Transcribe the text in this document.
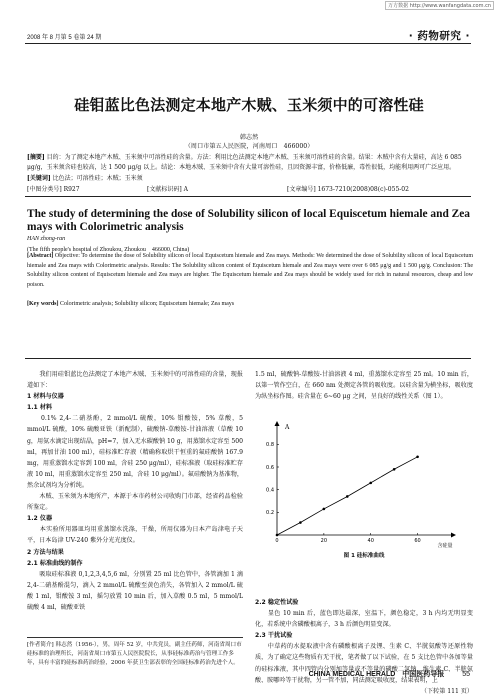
万方数据 http://www.wanfangdata.com.cn
2008 年 8 月第 5 卷第 24 期	· 药物研究 ·
硅钼蓝比色法测定本地产木贼、玉米须中的可溶性硅
韩志然
（周口市第五人民医院，河南周口　466000）

[摘要] 目的：为了测定本地产木贼、玉米须中可溶性硅的含量。方法：利用比色法测定本地产木贼、玉米须可溶性硅的含量。结果：木贼中含有大量硅，高达 6 085 μg/g，玉米须含硅也较高，达 1 500 μg/g 以上。结论：本地木贼、玉米须中含有大量可溶性硅，且因资源丰富，价格低廉，毒性很低，均能利用两可广泛应用。
[关键词] 比色法；可溶性硅；木贼；玉米须

[中图分类号] R927	[文献标识码] A	[文章编号] 1673-7210(2008)08(c)-055-02

The study of determining the dose of Solubility silicon of local Equiscetum hiemale and Zea mays with Colorimetric analysis

HAN zhong-ran
(The fifth people's hospital of Zhoukou, Zhoukou　466000, China)

[Abstract] Objective: To determine the dose of Solubility silicon of local Equiscetum hiemale and Zea mays. Methods: We determined the dose of Solubility silicon of local Equiscetum hiemale and Zea mays with Colorimetric analysis. Results: The Solubility silicon content of Equiscetum hiemale and Zea mays were over 6 085 μg/g and 1 500 μg/g. Conclusion: The Solubility silicon content of Equiscetum hiemale and Zea mays are higher. The Equiscetum hiemale and Zea mays should be widely used for rich in natural resources, cheap and low poison.

[Key words] Colorimetric analysis; Solubility silicon; Equiscetum hiemale; Zea mays

　　我们用硅钼蓝比色法测定了本地产木贼、玉米须中的可溶性硅的含量，现报道如下：

1 材料与仪器

1.1 材料

　　0.1% 2,4-二硝基酚，2 mmol/L 硫酸，10% 钼酸铵，5% 草酸，5 mmol/L 硫酸，10% 硫酸亚铁（新配制），硫酸钠-草酸铵-甘油溶液（草酸 10 g，用氨水滴定出现结晶，pH=7，加入无水碳酸钠 10 g，用蒸馏水定容至 500 ml，再加甘油 100 ml），硅标准贮存液（精确称取烘干恒重的氟硅酸钠 167.9 mg，用重蒸馏水定容到 100 ml，含硅 250 μg/ml），硅标准液（取硅标准贮存液 10 ml，用重蒸馏水定容至 250 ml，含硅 10 μg/ml）。氟硅酸钠为基准物，然余试剂均为分析纯。

　　木贼、玉米须为本地所产，本源于本市药材公司收购门市部，经省药品检验所鉴定。

1.2 仪器

　　本实验所用器皿均用重蒸馏水洗涤，干燥，所用仪器为日本产岛津电子天平，日本岛津 UV-240 紫外分光光度仪。

2 方法与结果

2.1 标准曲线的制作

　　吸取硅标准液 0,1,2,3,4,5,6 ml，分别置 25 ml 比色管中，各管滴加 1 滴 2,4-二硝基酚混匀，滴入 2 mmol/L 硫酸至黄色消失，各管加入 2 mmol/L 硫酸 1 ml，钼酸铵 3 ml，摇匀放置 10 min 后，加入草酸 0.5 ml，5 mmol/L 硫酸 4 ml，硫酸亚铁

[作者简介] 韩志然（1956-），男，周年 52 岁，中共党员，副主任药师，河南省周口市硅标准的治理所长，河南省周口市第五人民医院院长，从事硅标准药治与管理工作多年，具有丰富的硅标准药治经验，2006 年获卫生部表彰的全国硅标准药治先进个人。

1.5 ml，硫酸钠-草酸铵-甘油溶液 4 ml，重蒸馏水定容至 25 ml。10 min 后，以第一管作空白，在 660 nm 处测定各管的吸收度。以硅含量为横坐标，吸收度为纵坐标作图。硅含量在 6~60 μg 之间，呈良好的线性关系（图 1）。

0	20	40	60
0.2
0.4
0.6
0.8
A
含硅量
图 1 硅标准曲线

2.2 稳定性试验

　　显色 10 min 后，蓝色即达最深，室温下，颜色稳定，3 h 内均无明显变化，若系统中含磷酸根离子，3 h 后颜色明显变深。

2.3 干扰试验

　　中草药的水提取液中含有磷酸根离子及锂、生素 C、半胱氨酸等还原性物质，为了确定这些物质有无干扰，笔者做了以下试验，在 5 支比色管中各加等量的硅标准液，其中四管内分别加等量或不等量的磷酸二氢钠、维生素 C、半胱氨酸、胺哪吟等干扰物，另一管不加，同法测定吸收度，结果表明，上

（下转第 111 页）

CHINA MEDICAL HERALD　中国医药导报	55
